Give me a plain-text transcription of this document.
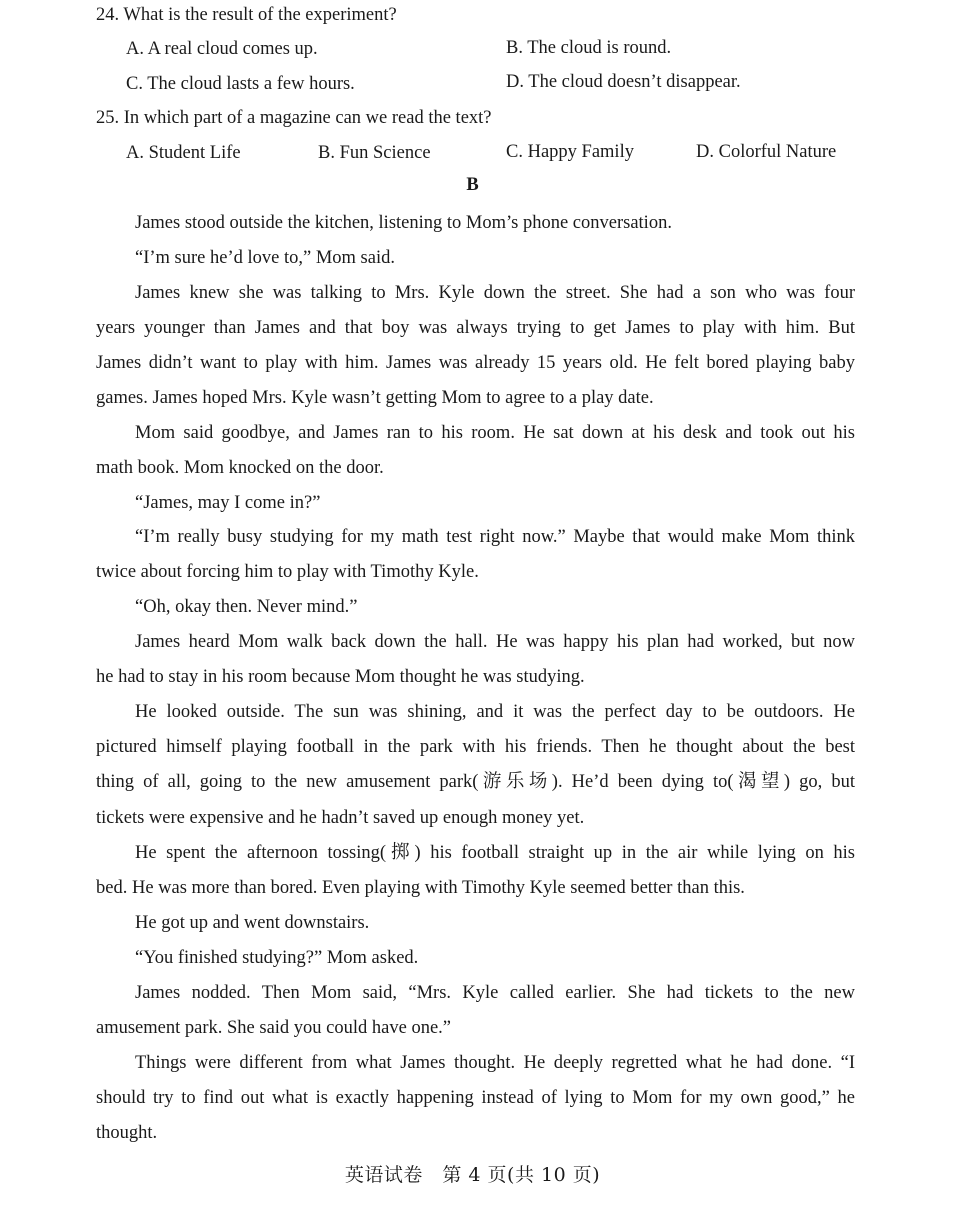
24. What is the result of the experiment?
A. A real cloud comes up.	B. The cloud is round.
C. The cloud lasts a few hours.	D. The cloud doesn’t disappear.
25. In which part of a magazine can we read the text?
A. Student Life	B. Fun Science	C. Happy Family	D. Colorful Nature
B
James stood outside the kitchen, listening to Mom’s phone conversation.
“I’m sure he’d love to,” Mom said.
James knew she was talking to Mrs. Kyle down the street. She had a son who was four
years younger than James and that boy was always trying to get James to play with him. But
James didn’t want to play with him. James was already 15 years old. He felt bored playing baby
games. James hoped Mrs. Kyle wasn’t getting Mom to agree to a play date.
Mom said goodbye, and James ran to his room. He sat down at his desk and took out his
math book. Mom knocked on the door.
“James, may I come in?”
“I’m really busy studying for my math test right now.” Maybe that would make Mom think
twice about forcing him to play with Timothy Kyle.
“Oh, okay then. Never mind.”
James heard Mom walk back down the hall. He was happy his plan had worked, but now
he had to stay in his room because Mom thought he was studying.
He looked outside. The sun was shining, and it was the perfect day to be outdoors. He
pictured himself playing football in the park with his friends. Then he thought about the best
thing of all, going to the new amusement park(游乐场). He’d been dying to(渴望) go, but
tickets were expensive and he hadn’t saved up enough money yet.
He spent the afternoon tossing(掷) his football straight up in the air while lying on his
bed. He was more than bored. Even playing with Timothy Kyle seemed better than this.
He got up and went downstairs.
“You finished studying?” Mom asked.
James nodded. Then Mom said, “Mrs. Kyle called earlier. She had tickets to the new
amusement park. She said you could have one.”
Things were different from what James thought. He deeply regretted what he had done. “I
should try to find out what is exactly happening instead of lying to Mom for my own good,” he
thought.
英语试卷　第 4 页(共 10 页)
